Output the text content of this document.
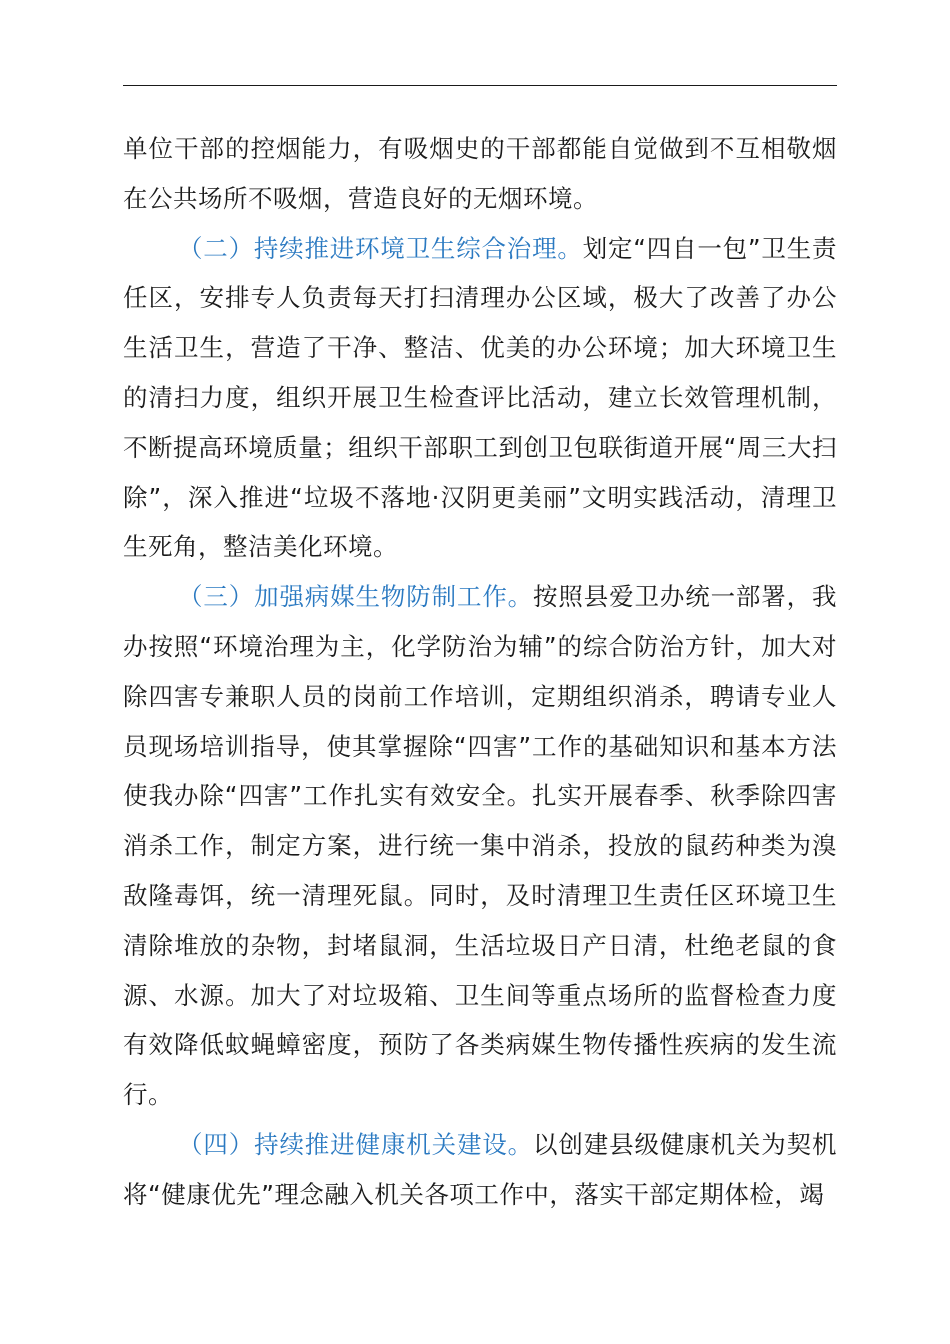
单位干部的控烟能力，有吸烟史的干部都能自觉做到不互相敬烟在公共场所不吸烟，营造良好的无烟环境。

（二）持续推进环境卫生综合治理。划定“四自一包”卫生责任区，安排专人负责每天打扫清理办公区域，极大了改善了办公生活卫生，营造了干净、整洁、优美的办公环境；加大环境卫生的清扫力度，组织开展卫生检查评比活动，建立长效管理机制，不断提高环境质量；组织干部职工到创卫包联街道开展“周三大扫除”，深入推进“垃圾不落地·汉阴更美丽”文明实践活动，清理卫生死角，整洁美化环境。

（三）加强病媒生物防制工作。按照县爱卫办统一部署，我办按照“环境治理为主，化学防治为辅”的综合防治方针，加大对除四害专兼职人员的岗前工作培训，定期组织消杀，聘请专业人员现场培训指导，使其掌握除“四害”工作的基础知识和基本方法使我办除“四害”工作扎实有效安全。扎实开展春季、秋季除四害消杀工作，制定方案，进行统一集中消杀，投放的鼠药种类为溴敌隆毒饵，统一清理死鼠。同时，及时清理卫生责任区环境卫生清除堆放的杂物，封堵鼠洞，生活垃圾日产日清，杜绝老鼠的食源、水源。加大了对垃圾箱、卫生间等重点场所的监督检查力度有效降低蚊蝇蟑密度，预防了各类病媒生物传播性疾病的发生流行。

（四）持续推进健康机关建设。以创建县级健康机关为契机将“健康优先”理念融入机关各项工作中，落实干部定期体检，竭
